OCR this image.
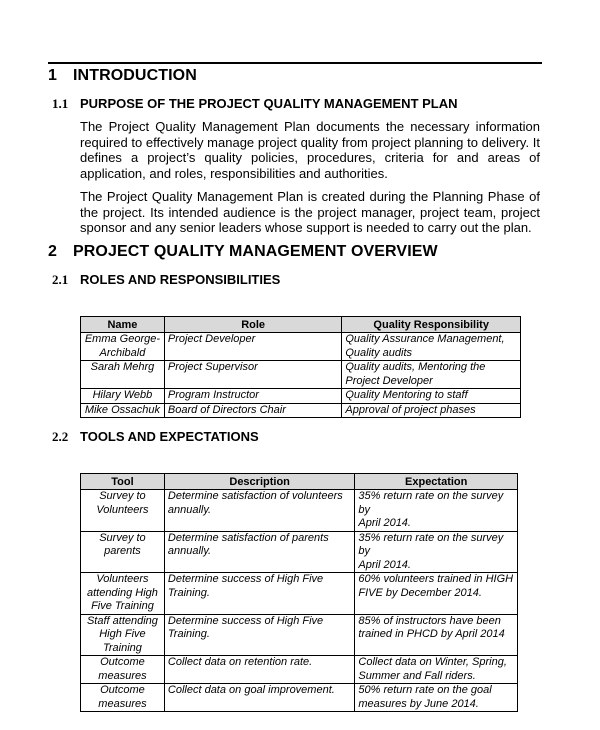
1 INTRODUCTION
1.1 PURPOSE OF THE PROJECT QUALITY MANAGEMENT PLAN
The Project Quality Management Plan documents the necessary information required to effectively manage project quality from project planning to delivery. It defines a project’s quality policies, procedures, criteria for and areas of application, and roles, responsibilities and authorities.
The Project Quality Management Plan is created during the Planning Phase of the project. Its intended audience is the project manager, project team, project sponsor and any senior leaders whose support is needed to carry out the plan.
2 PROJECT QUALITY MANAGEMENT OVERVIEW
2.1 ROLES AND RESPONSIBILITIES
Name	Role	Quality Responsibility

Emma George-
Archibald	Project Developer	Quality Assurance Management,
Quality audits

Sarah Mehrg	Project Supervisor	Quality audits, Mentoring the
Project Developer

Hilary Webb	Program Instructor	Quality Mentoring to staff

Mike Ossachuk	Board of Directors Chair	Approval of project phases
2.2 TOOLS AND EXPECTATIONS
Tool	Description	Expectation

Survey to
Volunteers	Determine satisfaction of volunteers
annually.	35% return rate on the survey by
April 2014.

Survey to
parents	Determine satisfaction of parents
annually.	35% return rate on the survey by
April 2014.

Volunteers
attending High
Five Training	Determine success of High Five
Training.	60% volunteers trained in HIGH
FIVE by December 2014.

Staff attending
High Five
Training	Determine success of High Five
Training.	85% of instructors have been
trained in PHCD by April 2014

Outcome
measures	Collect data on retention rate.	Collect data on Winter, Spring,
Summer and Fall riders.

Outcome
measures	Collect data on goal improvement.	50% return rate on the goal
measures by June 2014.
